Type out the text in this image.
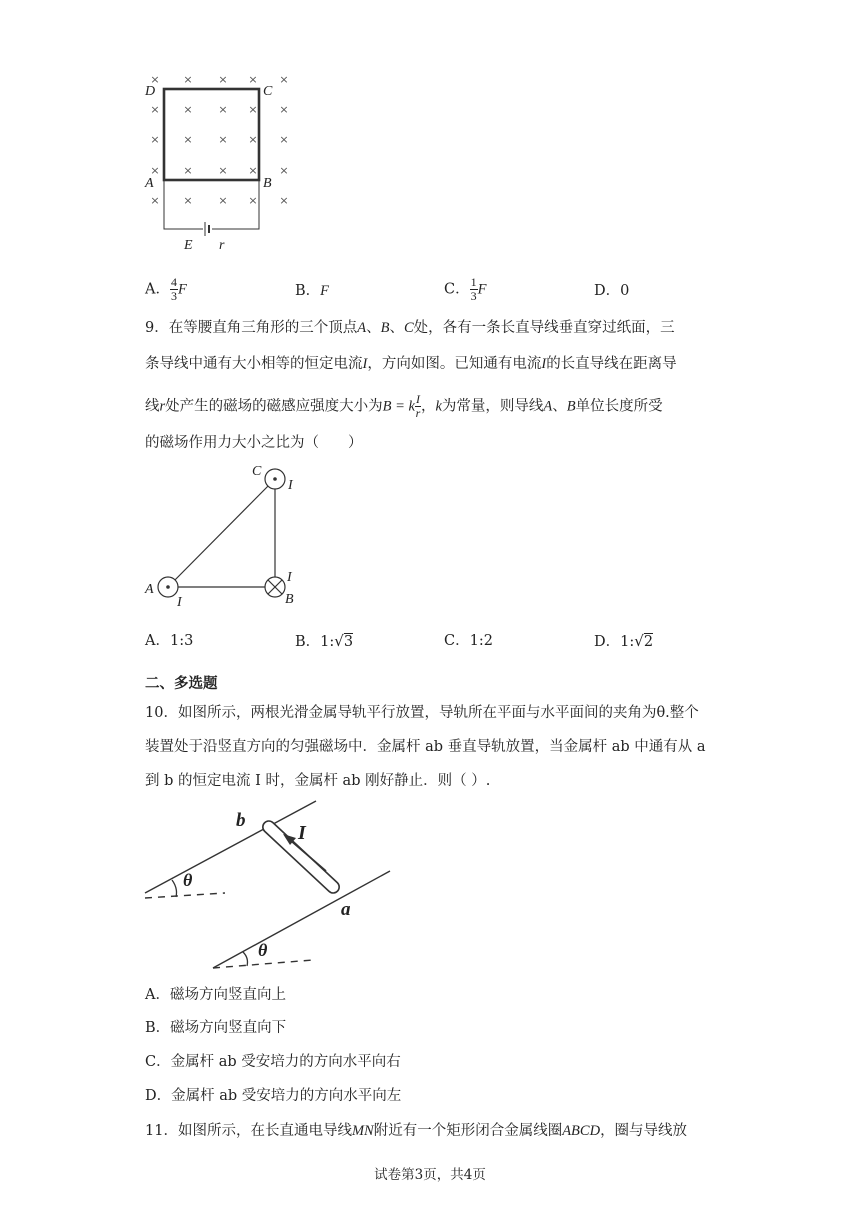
× × × × ×
× × × × ×
× × × × ×
× × × × ×
× × × × ×
D	C
A	B
E r
A． $\frac{4}{3}$ F	B．F	C． $\frac{1}{3}$ F	D．0
9．在等腰直角三角形的三个顶点A、B、C处，各有一条长直导线垂直穿过纸面，三
条导线中通有大小相等的恒定电流I，方向如图。已知通有电流I的长直导线在距离导
线r处产生的磁场的磁感应强度大小为B = k $\frac{I}{r}$ ，k为常量，则导线A、B单位长度所受
的磁场作用力大小之比为（　　）
C
I
A
I
I
B
A．1:3	B．1:√3	C．1:2	D．1:√2
二、多选题
10．如图所示，两根光滑金属导轨平行放置，导轨所在平面与水平面间的夹角为θ.整个
装置处于沿竖直方向的匀强磁场中．金属杆 ab 垂直导轨放置，当金属杆 ab 中通有从 a
到 b 的恒定电流 I 时，金属杆 ab 刚好静止．则（ ）.
b
I
a
θ
θ
A．磁场方向竖直向上
B．磁场方向竖直向下
C．金属杆 ab 受安培力的方向水平向右
D．金属杆 ab 受安培力的方向水平向左
11．如图所示，在长直通电导线MN附近有一个矩形闭合金属线圈ABCD，圈与导线放
试卷第3页，共4页
